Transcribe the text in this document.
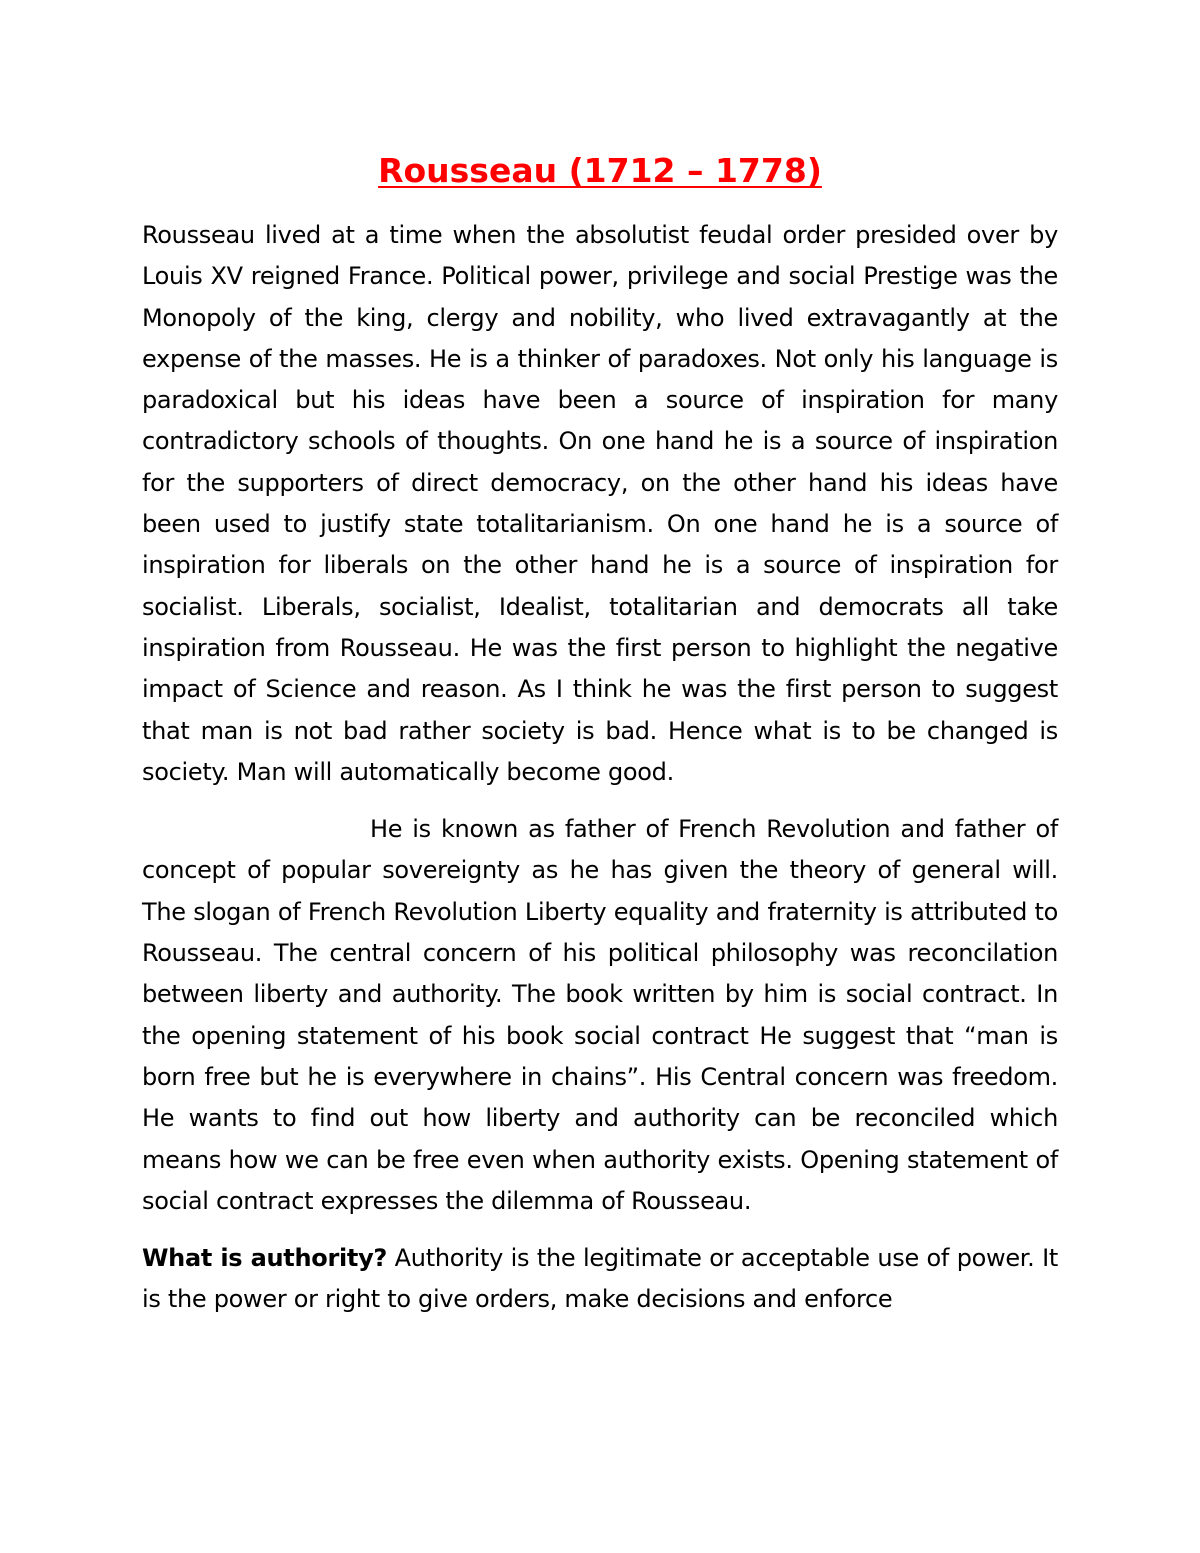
Rousseau (1712 – 1778)

Rousseau lived at a time when the absolutist feudal order presided over by Louis XV reigned France. Political power, privilege and social Prestige was the Monopoly of the king, clergy and nobility, who lived extravagantly at the expense of the masses. He is a thinker of paradoxes. Not only his language is paradoxical but his ideas have been a source of inspiration for many contradictory schools of thoughts. On one hand he is a source of inspiration for the supporters of direct democracy, on the other hand his ideas have been used to justify state totalitarianism. On one hand he is a source of inspiration for liberals on the other hand he is a source of inspiration for socialist. Liberals, socialist, Idealist, totalitarian and democrats all take inspiration from Rousseau. He was the first person to highlight the negative impact of Science and reason. As I think he was the first person to suggest that man is not bad rather society is bad. Hence what is to be changed is society. Man will automatically become good.

He is known as father of French Revolution and father of concept of popular sovereignty as he has given the theory of general will. The slogan of French Revolution Liberty equality and fraternity is attributed to Rousseau. The central concern of his political philosophy was reconcilation between liberty and authority. The book written by him is social contract. In the opening statement of his book social contract He suggest that “man is born free but he is everywhere in chains”. His Central concern was freedom. He wants to find out how liberty and authority can be reconciled which means how we can be free even when authority exists. Opening statement of social contract expresses the dilemma of Rousseau.

What is authority? Authority is the legitimate or acceptable use of power. It is the power or right to give orders, make decisions and enforce
